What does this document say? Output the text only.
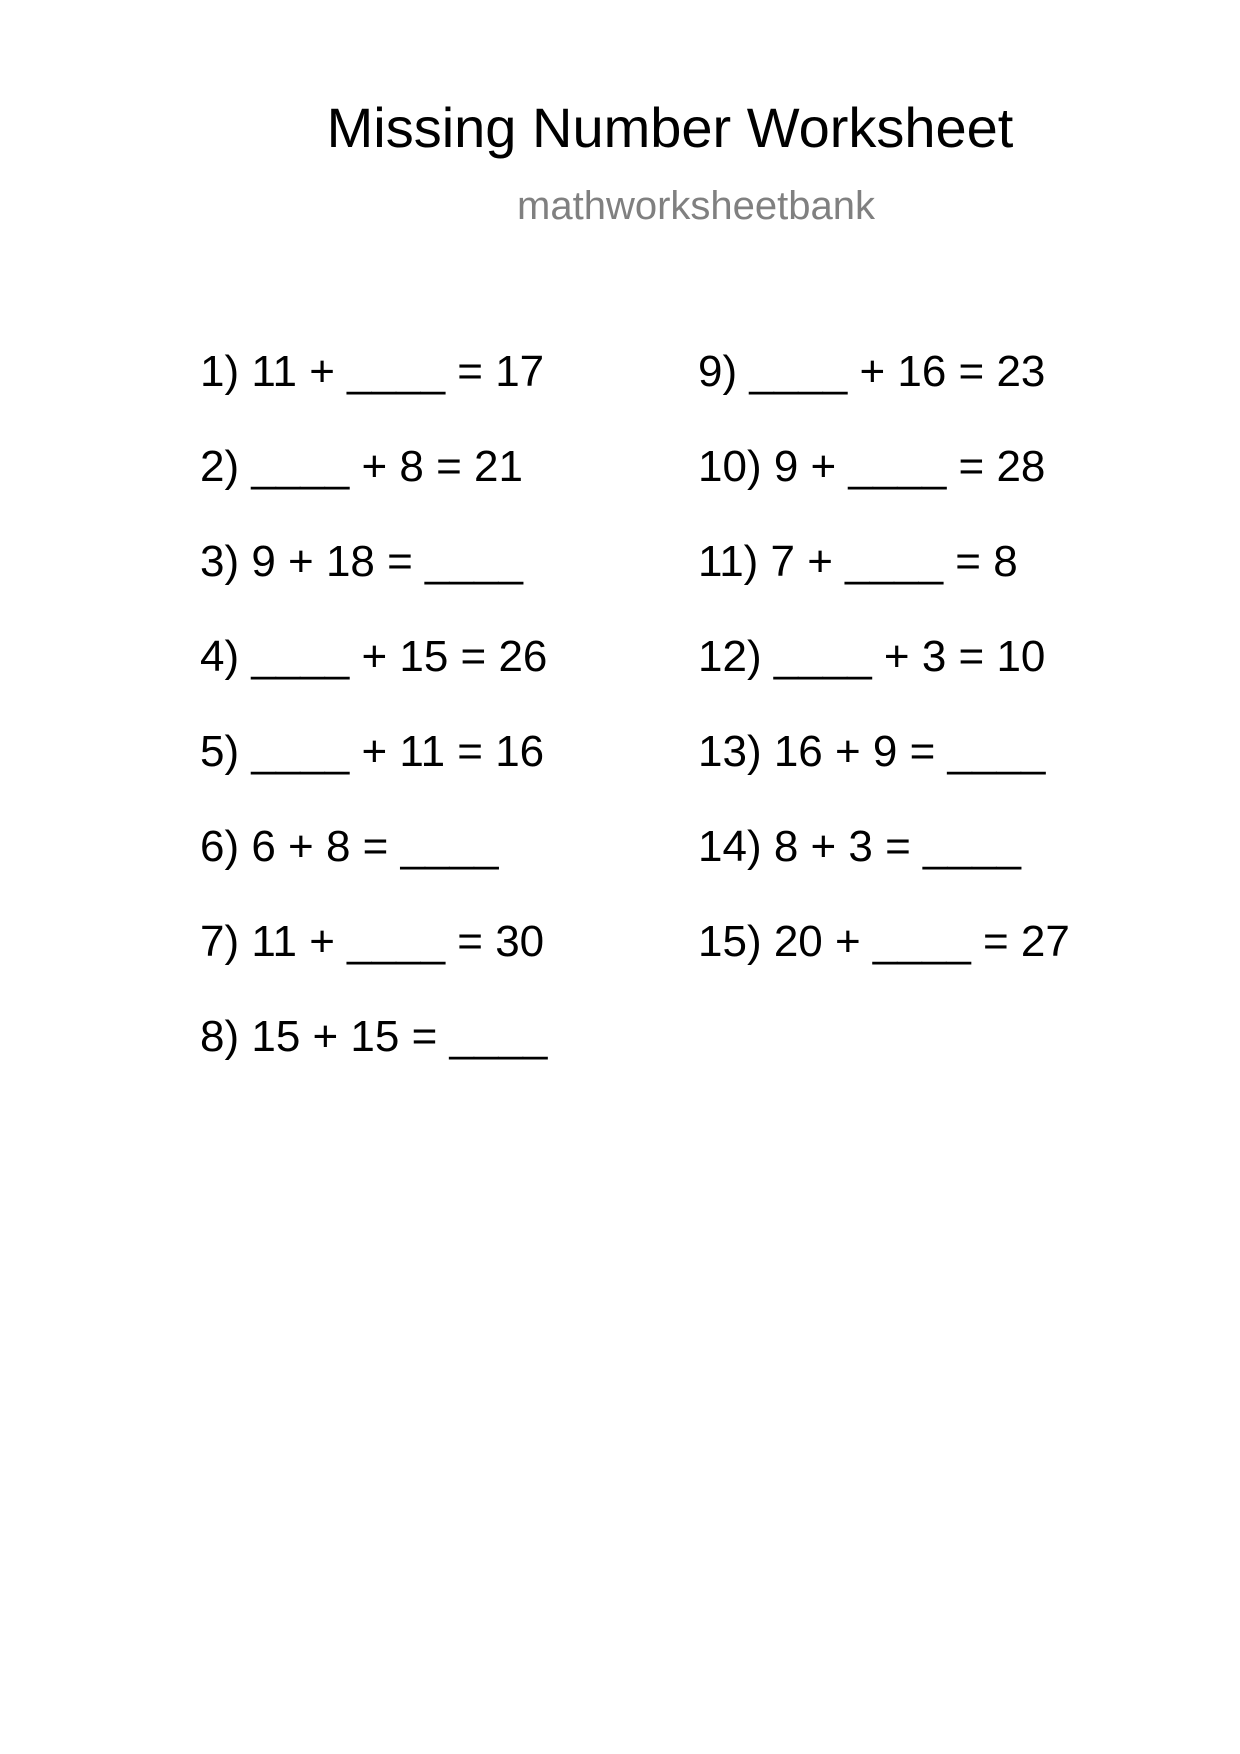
Missing Number Worksheet
mathworksheetbank
1) 11 + ____ = 17
2) ____ + 8 = 21
3) 9 + 18 = ____
4) ____ + 15 = 26
5) ____ + 11 = 16
6) 6 + 8 = ____
7) 11 + ____ = 30
8) 15 + 15 = ____
9) ____ + 16 = 23
10) 9 + ____ = 28
11) 7 + ____ = 8
12) ____ + 3 = 10
13) 16 + 9 = ____
14) 8 + 3 = ____
15) 20 + ____ = 27
